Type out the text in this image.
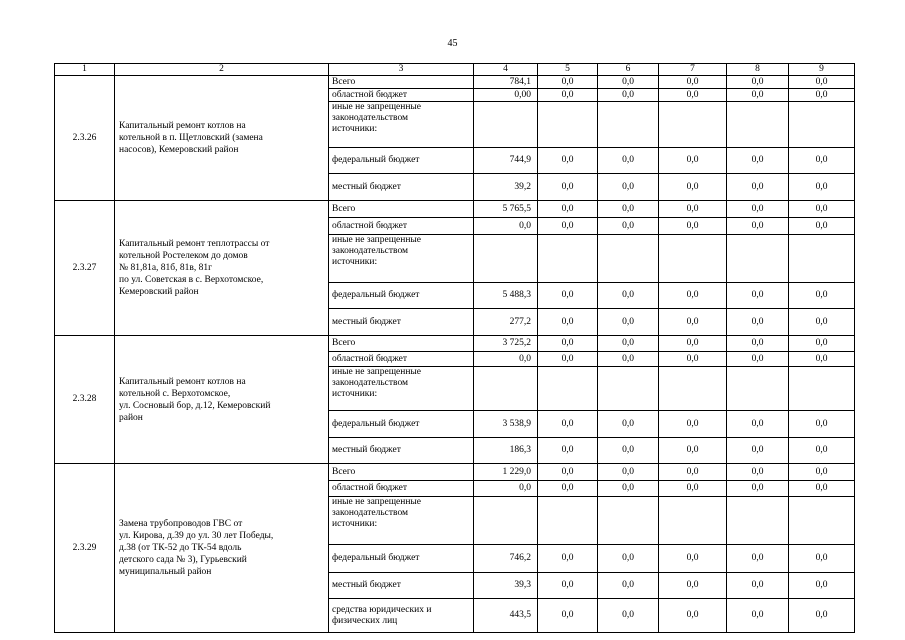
45
1	2	3	4	5	6	7	8	9
2.3.26	Капитальный ремонт котлов на
котельной в п. Щетловский (замена
насосов), Кемеровский район	Всего	784,1	0,0	0,0	0,0	0,0	0,0

		областной бюджет	0,00	0,0	0,0	0,0	0,0	0,0

		иные не запрещенные
законодательством
источники:						

		федеральный бюджет	744,9	0,0	0,0	0,0	0,0	0,0

		местный бюджет	39,2	0,0	0,0	0,0	0,0	0,0
2.3.27	Капитальный ремонт теплотрассы от
котельной Ростелеком до домов
№ 81,81а, 81б, 81в, 81г
по ул. Советская в с. Верхотомское,
Кемеровский район	Всего	5 765,5	0,0	0,0	0,0	0,0	0,0

		областной бюджет	0,0	0,0	0,0	0,0	0,0	0,0

		иные не запрещенные
законодательством
источники:						

		федеральный бюджет	5 488,3	0,0	0,0	0,0	0,0	0,0

		местный бюджет	277,2	0,0	0,0	0,0	0,0	0,0
2.3.28	Капитальный ремонт котлов на
котельной с. Верхотомское,
ул. Сосновый бор, д.12, Кемеровский
район	Всего	3 725,2	0,0	0,0	0,0	0,0	0,0

		областной бюджет	0,0	0,0	0,0	0,0	0,0	0,0

		иные не запрещенные
законодательством
источники:						

		федеральный бюджет	3 538,9	0,0	0,0	0,0	0,0	0,0

		местный бюджет	186,3	0,0	0,0	0,0	0,0	0,0
2.3.29	Замена трубопроводов ГВС от
ул. Кирова, д.39 до ул. 30 лет Победы,
д.38 (от ТК-52 до ТК-54 вдоль
детского сада № 3), Гурьевский
муниципальный район	Всего	1 229,0	0,0	0,0	0,0	0,0	0,0

		областной бюджет	0,0	0,0	0,0	0,0	0,0	0,0

		иные не запрещенные
законодательством
источники:						

		федеральный бюджет	746,2	0,0	0,0	0,0	0,0	0,0

		местный бюджет	39,3	0,0	0,0	0,0	0,0	0,0

		средства юридических и
физических лиц	443,5	0,0	0,0	0,0	0,0	0,0
